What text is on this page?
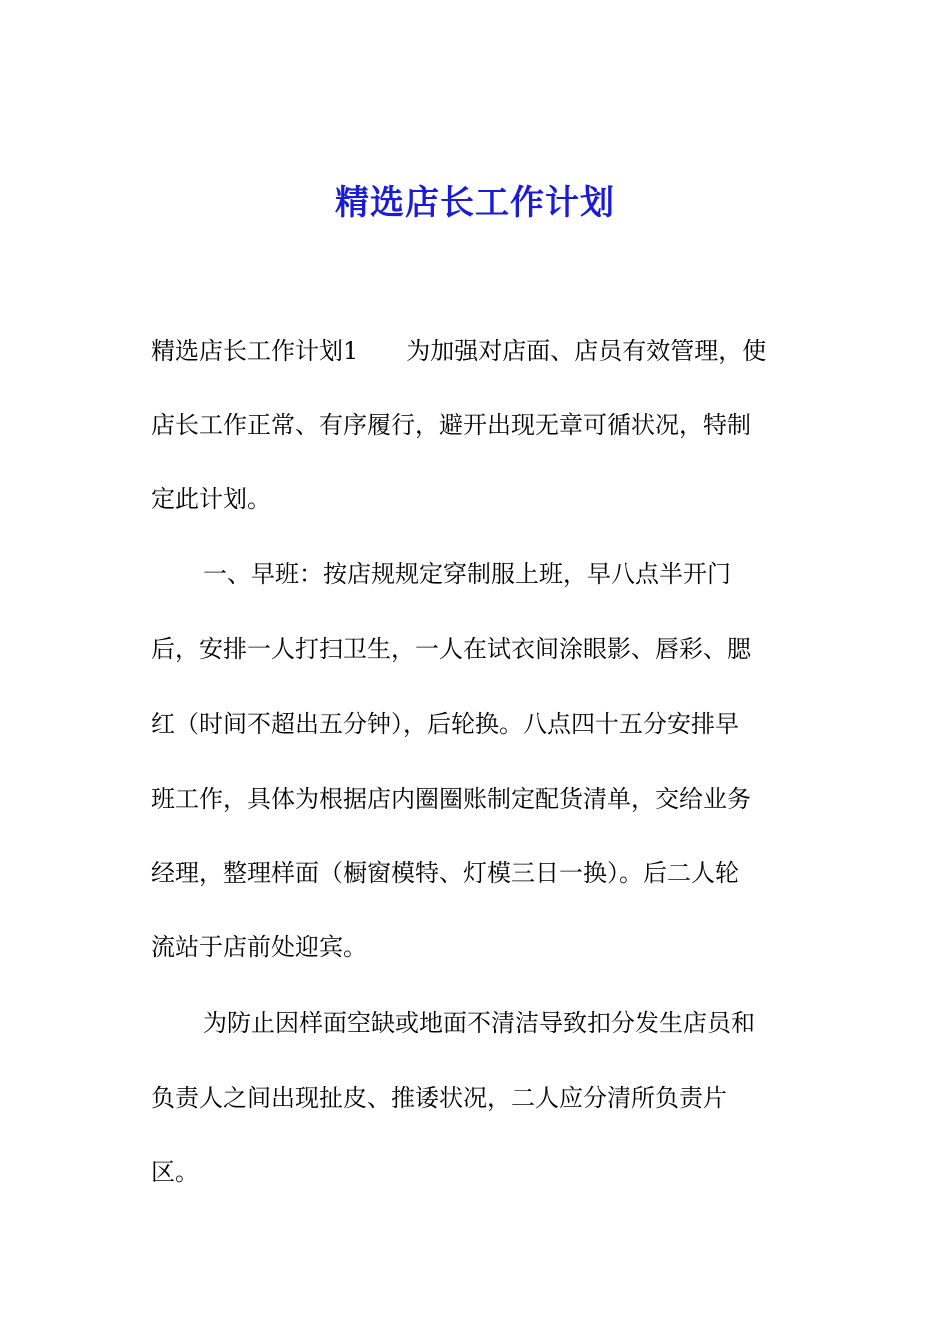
精选店长工作计划

精选店长工作计划1　　为加强对店面、店员有效管理，使

店长工作正常、有序履行，避开出现无章可循状况，特制

定此计划。

一、早班：按店规规定穿制服上班，早八点半开门

后，安排一人打扫卫生，一人在试衣间涂眼影、唇彩、腮

红（时间不超出五分钟），后轮换。八点四十五分安排早

班工作，具体为根据店内圈圈账制定配货清单，交给业务

经理，整理样面（橱窗模特、灯模三日一换）。后二人轮

流站于店前处迎宾。

为防止因样面空缺或地面不清洁导致扣分发生店员和

负责人之间出现扯皮、推诿状况，二人应分清所负责片

区。
